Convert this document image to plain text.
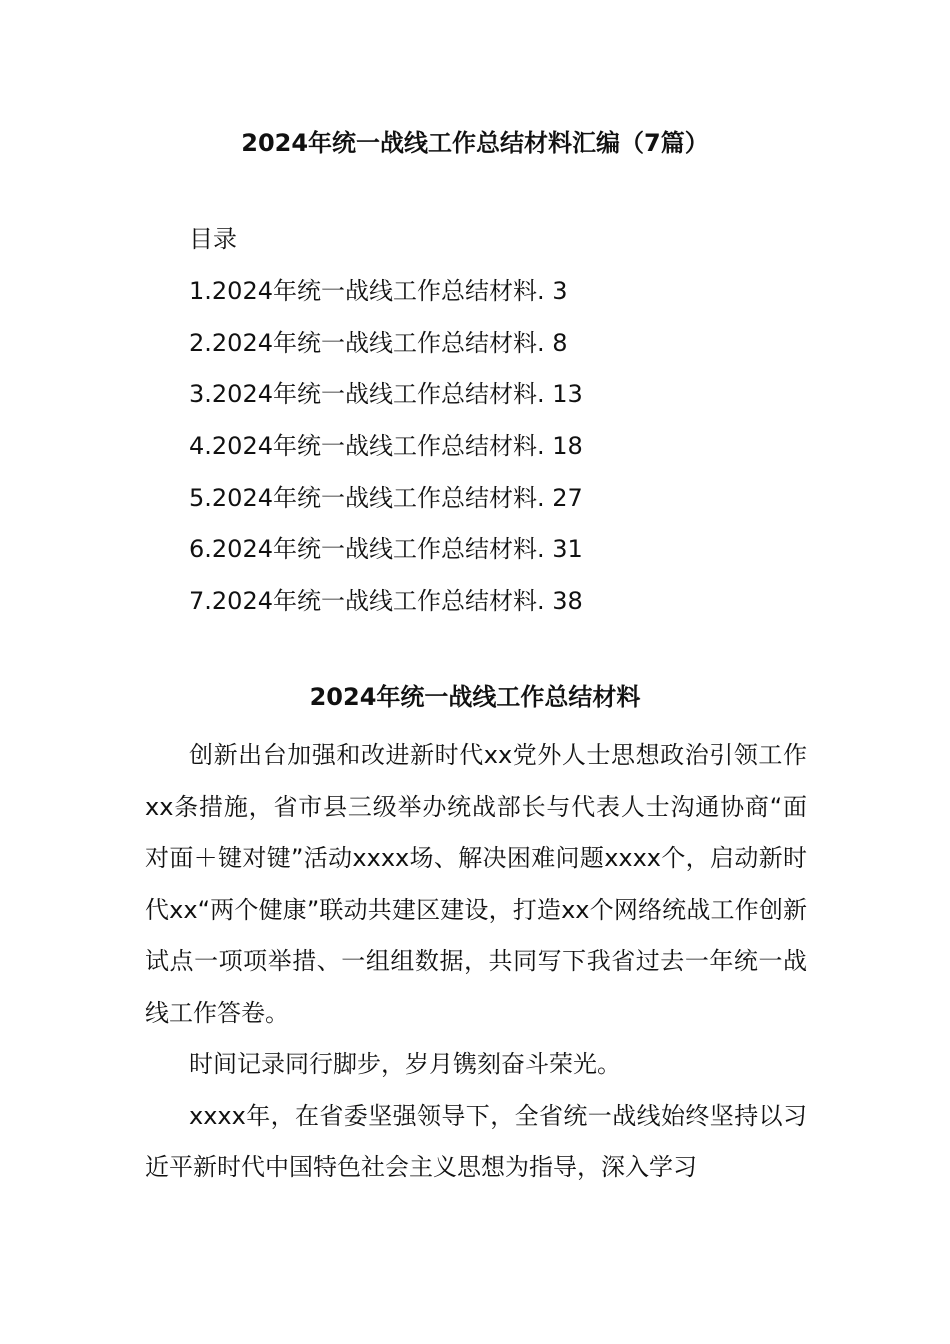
2024年统一战线工作总结材料汇编（7篇）
目录
1.2024年统一战线工作总结材料. 3
2.2024年统一战线工作总结材料. 8
3.2024年统一战线工作总结材料. 13
4.2024年统一战线工作总结材料. 18
5.2024年统一战线工作总结材料. 27
6.2024年统一战线工作总结材料. 31
7.2024年统一战线工作总结材料. 38
2024年统一战线工作总结材料

创新出台加强和改进新时代xx党外人士思想政治引领工作xx条措施，省市县三级举办统战部长与代表人士沟通协商“面对面＋键对键”活动xxxx场、解决困难问题xxxx个，启动新时代xx“两个健康”联动共建区建设，打造xx个网络统战工作创新试点一项项举措、一组组数据，共同写下我省过去一年统一战线工作答卷。

时间记录同行脚步，岁月镌刻奋斗荣光。

xxxx年，在省委坚强领导下，全省统一战线始终坚持以习近平新时代中国特色社会主义思想为指导，深入学习
